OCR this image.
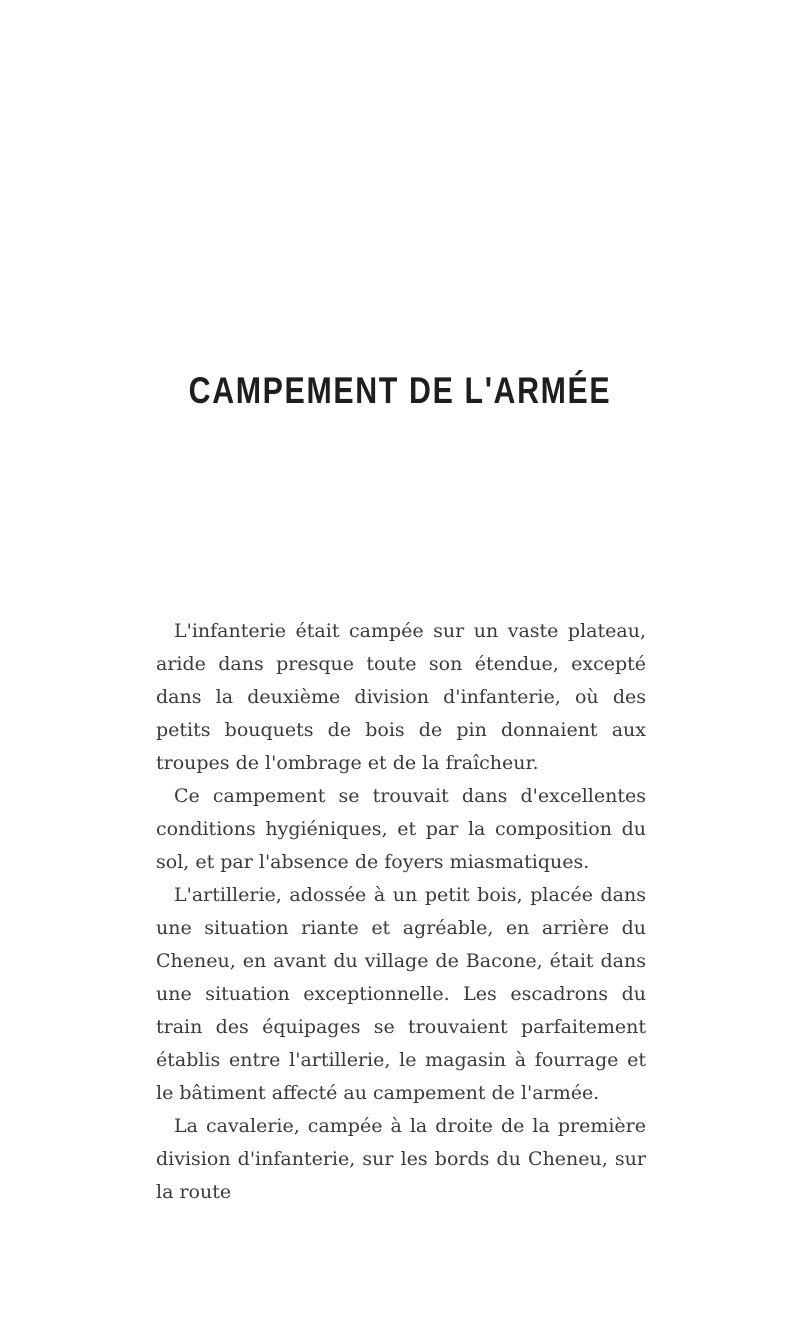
CAMPEMENT DE L'ARMÉE

L'infanterie était campée sur un vaste plateau, aride dans presque toute son étendue, excepté dans la deuxième division d'infanterie, où des petits bouquets de bois de pin donnaient aux troupes de l'ombrage et de la fraîcheur.

Ce campement se trouvait dans d'excellentes conditions hygiéniques, et par la composition du sol, et par l'absence de foyers miasmatiques.

L'artillerie, adossée à un petit bois, placée dans une situation riante et agréable, en arrière du Cheneu, en avant du village de Bacone, était dans une situation exceptionnelle. Les escadrons du train des équipages se trouvaient parfaitement établis entre l'artillerie, le magasin à fourrage et le bâtiment affecté au campement de l'armée.

La cavalerie, campée à la droite de la première division d'infanterie, sur les bords du Cheneu, sur la route
